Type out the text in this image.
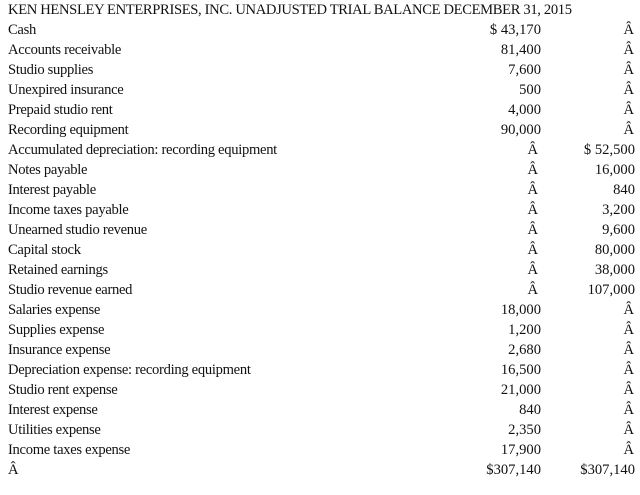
KEN HENSLEY ENTERPRISES, INC. UNADJUSTED TRIAL BALANCE DECEMBER 31, 2015
Cash	$ 43,170	Â
Accounts receivable	81,400	Â
Studio supplies	7,600	Â
Unexpired insurance	500	Â
Prepaid studio rent	4,000	Â
Recording equipment	90,000	Â
Accumulated depreciation: recording equipment	Â	$ 52,500
Notes payable	Â	16,000
Interest payable	Â	840
Income taxes payable	Â	3,200
Unearned studio revenue	Â	9,600
Capital stock	Â	80,000
Retained earnings	Â	38,000
Studio revenue earned	Â	107,000
Salaries expense	18,000	Â
Supplies expense	1,200	Â
Insurance expense	2,680	Â
Depreciation expense: recording equipment	16,500	Â
Studio rent expense	21,000	Â
Interest expense	840	Â
Utilities expense	2,350	Â
Income taxes expense	17,900	Â
Â	$307,140	$307,140
